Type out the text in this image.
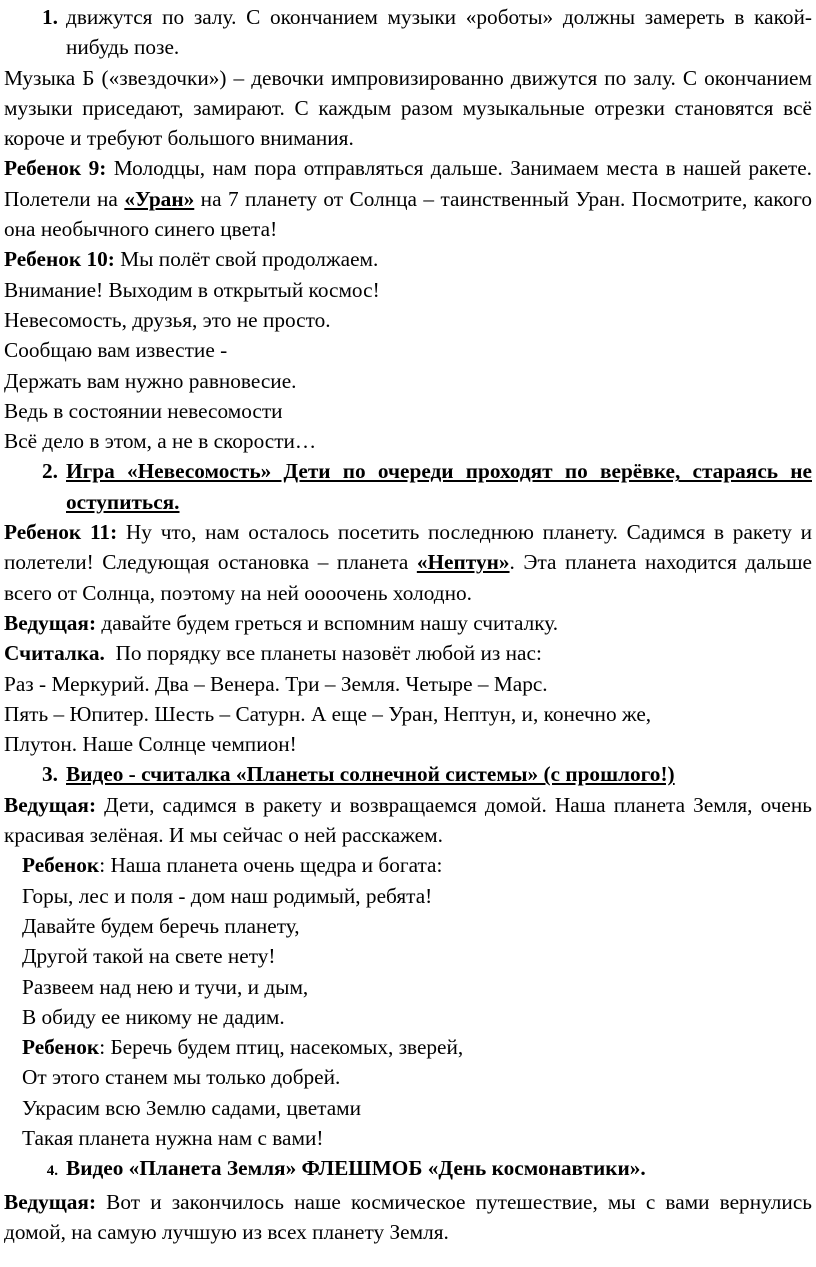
1. движутся по залу. С окончанием музыки «роботы» должны замереть в какой-нибудь позе.

Музыка Б («звездочки») – девочки импровизированно движутся по залу. С окончанием музыки приседают, замирают. С каждым разом музыкальные отрезки становятся всё короче и требуют большого внимания.

Ребенок 9: Молодцы, нам пора отправляться дальше. Занимаем места в нашей ракете. Полетели на «Уран» на 7 планету от Солнца – таинственный Уран. Посмотрите, какого она необычного синего цвета!

Ребенок 10: Мы полёт свой продолжаем.

Внимание! Выходим в открытый космос!

Невесомость, друзья, это не просто.

Сообщаю вам известие -

Держать вам нужно равновесие.

Ведь в состоянии невесомости

Всё дело в этом, а не в скорости…

2. Игра «Невесомость» Дети по очереди проходят по верёвке, стараясь не оступиться.

Ребенок 11: Ну что, нам осталось посетить последнюю планету. Садимся в ракету и полетели! Следующая остановка – планета «Нептун». Эта планета находится дальше всего от Солнца, поэтому на ней оооочень холодно.

Ведущая: давайте будем греться и вспомним нашу считалку.

Считалка.  По порядку все планеты назовёт любой из нас:

Раз - Меркурий. Два – Венера. Три – Земля. Четыре – Марс.

Пять – Юпитер. Шесть – Сатурн. А еще – Уран, Нептун, и, конечно же,

Плутон. Наше Солнце чемпион!

3. Видео - считалка «Планеты солнечной системы» (с прошлого!)

Ведущая: Дети, садимся в ракету и возвращаемся домой. Наша планета Земля, очень красивая зелёная. И мы сейчас о ней расскажем.

Ребенок: Наша планета очень щедра и богата:

Горы, лес и поля - дом наш родимый, ребята!

Давайте будем беречь планету,

Другой такой на свете нету!

Развеем над нею и тучи, и дым,

В обиду ее никому не дадим.

Ребенок: Беречь будем птиц, насекомых, зверей,

От этого станем мы только добрей.

Украсим всю Землю садами, цветами

Такая планета нужна нам с вами!

4. Видео «Планета Земля» ФЛЕШМОБ «День космонавтики».

Ведущая: Вот и закончилось наше космическое путешествие, мы с вами вернулись домой, на самую лучшую из всех планету Земля.
